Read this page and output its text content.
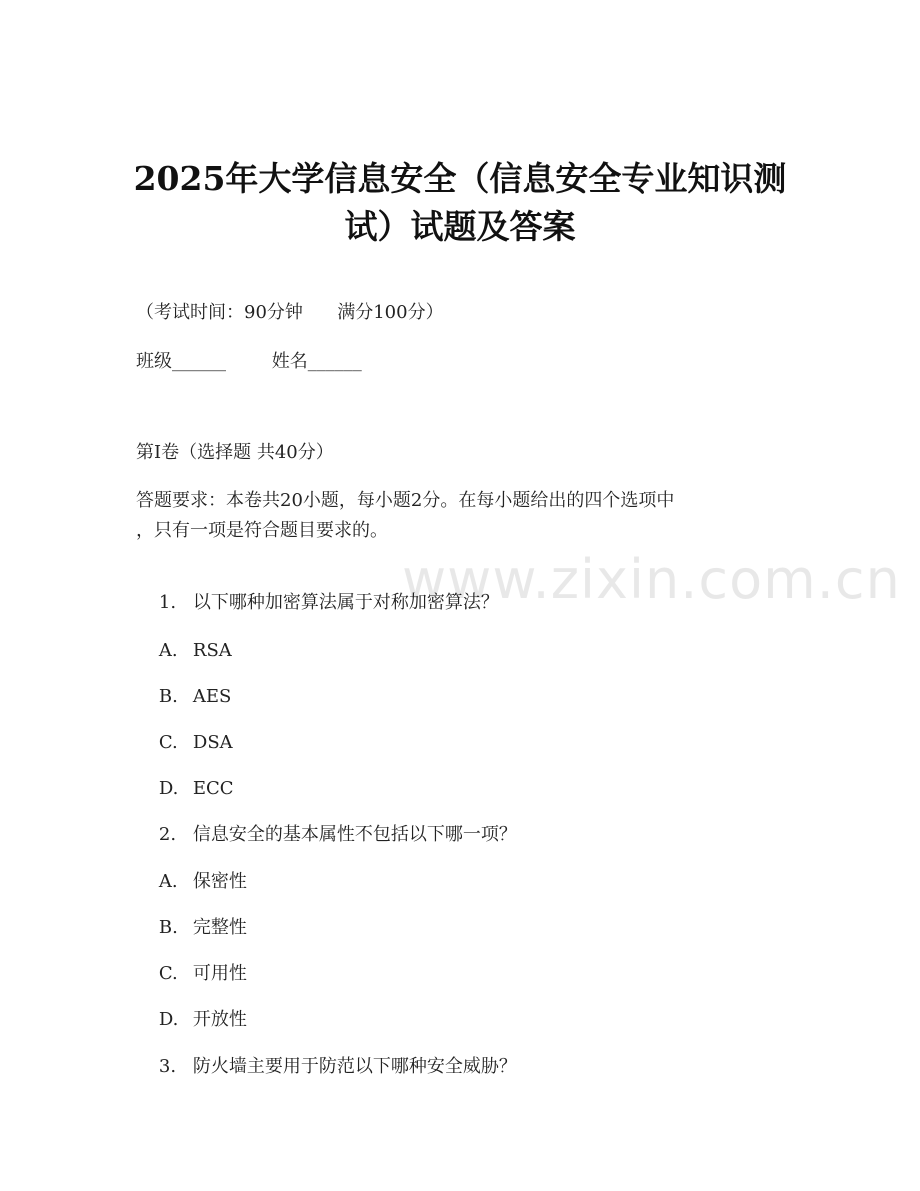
2025年大学信息安全（信息安全专业知识测
试）试题及答案
（考试时间：90分钟      满分100分）
班级______        姓名______
第I卷（选择题 共40分）
答题要求：本卷共20小题，每小题2分。在每小题给出的四个选项中
，只有一项是符合题目要求的。

1. 以下哪种加密算法属于对称加密算法？

A. RSA

B. AES

C. DSA

D. ECC

2. 信息安全的基本属性不包括以下哪一项？

A. 保密性

B. 完整性

C. 可用性

D. 开放性

3. 防火墙主要用于防范以下哪种安全威胁？

www.zixin.com.cn
